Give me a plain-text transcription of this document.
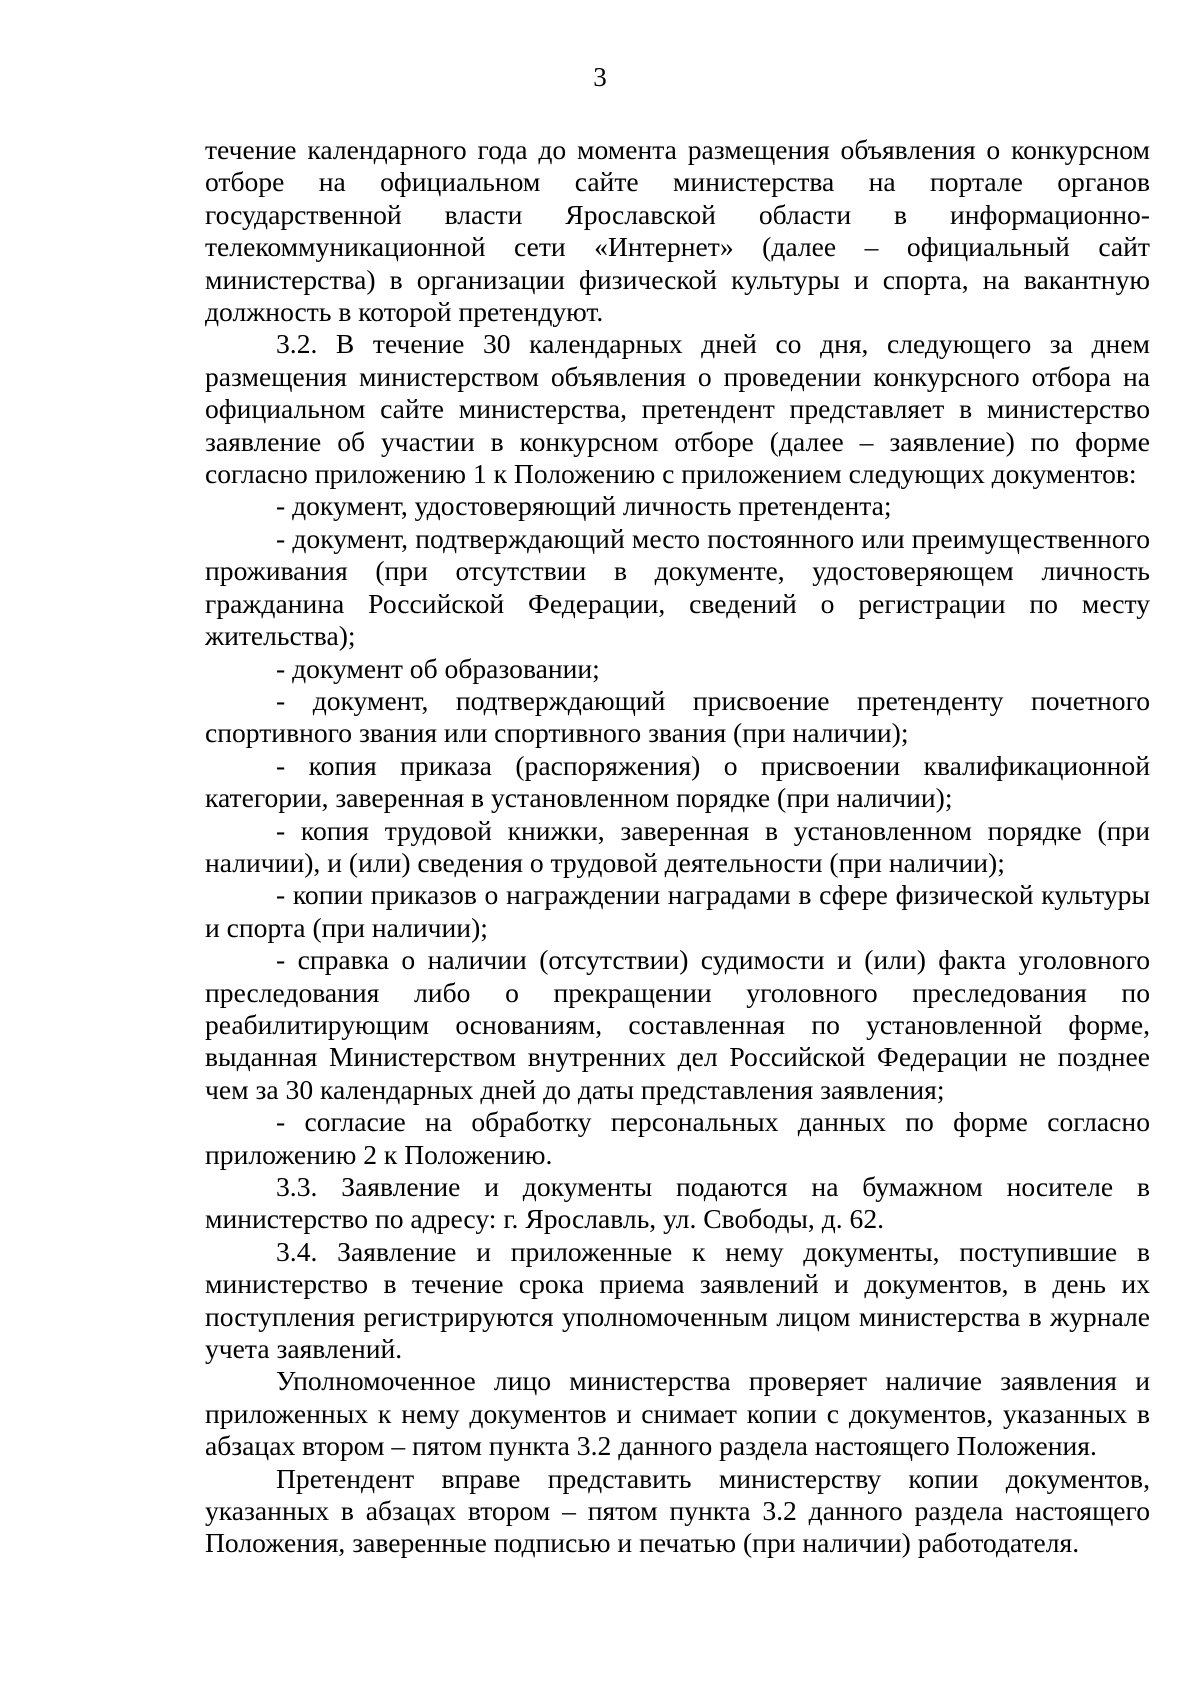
3

течение календарного года до момента размещения объявления о конкурсном отборе на официальном сайте министерства на портале органов государственной власти Ярославской области в информационно-телекоммуникационной сети «Интернет» (далее – официальный сайт министерства) в организации физической культуры и спорта, на вакантную должность в которой претендуют.

3.2. В течение 30 календарных дней со дня, следующего за днем размещения министерством объявления о проведении конкурсного отбора на официальном сайте министерства, претендент представляет в министерство заявление об участии в конкурсном отборе (далее – заявление) по форме согласно приложению 1 к Положению с приложением следующих документов:

- документ, удостоверяющий личность претендента;

- документ, подтверждающий место постоянного или преимущественного проживания (при отсутствии в документе, удостоверяющем личность гражданина Российской Федерации, сведений о регистрации по месту жительства);

- документ об образовании;

- документ, подтверждающий присвоение претенденту почетного спортивного звания или спортивного звания (при наличии);

- копия приказа (распоряжения) о присвоении квалификационной категории, заверенная в установленном порядке (при наличии);

- копия трудовой книжки, заверенная в установленном порядке (при наличии), и (или) сведения о трудовой деятельности (при наличии);

- копии приказов о награждении наградами в сфере физической культуры и спорта (при наличии);

- справка о наличии (отсутствии) судимости и (или) факта уголовного преследования либо о прекращении уголовного преследования по реабилитирующим основаниям, составленная по установленной форме, выданная Министерством внутренних дел Российской Федерации не позднее чем за 30 календарных дней до даты представления заявления;

- согласие на обработку персональных данных по форме согласно приложению 2 к Положению.

3.3. Заявление и документы подаются на бумажном носителе в министерство по адресу: г. Ярославль, ул. Свободы, д. 62.

3.4. Заявление и приложенные к нему документы, поступившие в министерство в течение срока приема заявлений и документов, в день их поступления регистрируются уполномоченным лицом министерства в журнале учета заявлений.

Уполномоченное лицо министерства проверяет наличие заявления и приложенных к нему документов и снимает копии с документов, указанных в абзацах втором – пятом пункта 3.2 данного раздела настоящего Положения.

Претендент вправе представить министерству копии документов, указанных в абзацах втором – пятом пункта 3.2 данного раздела настоящего Положения, заверенные подписью и печатью (при наличии) работодателя.
